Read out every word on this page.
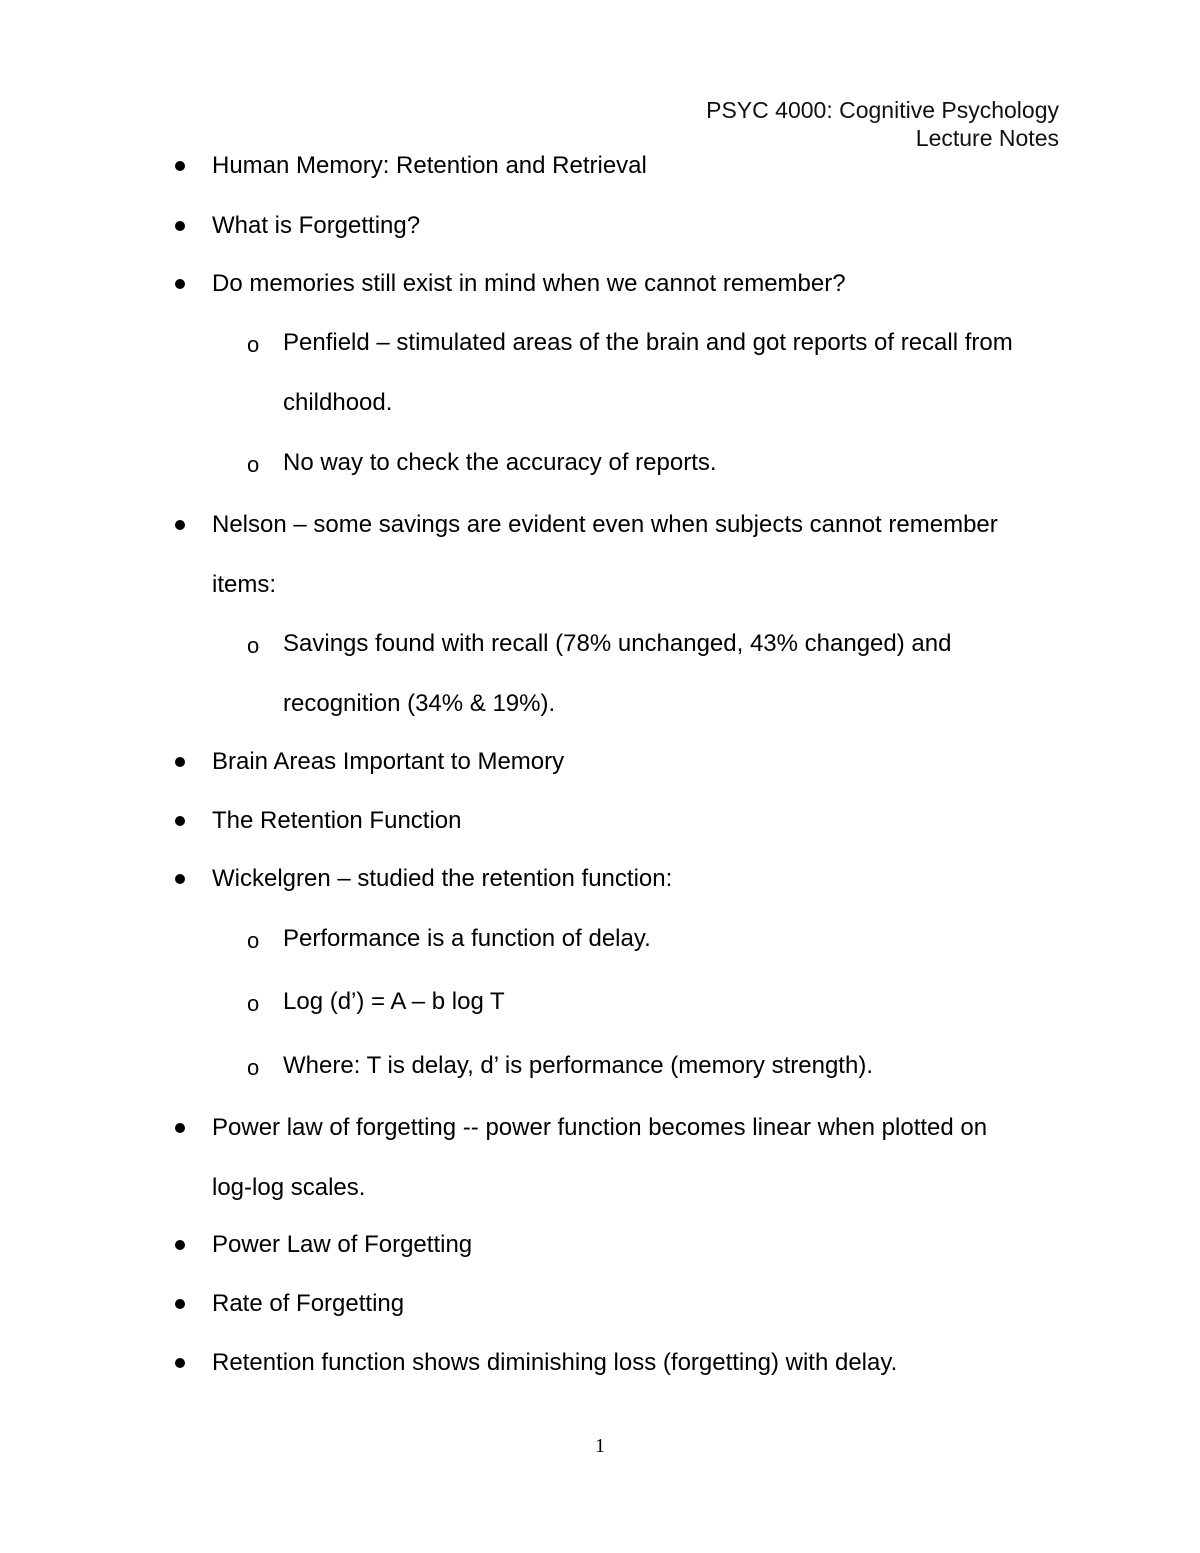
PSYC 4000: Cognitive Psychology
Lecture Notes
Human Memory: Retention and Retrieval
What is Forgetting?
Do memories still exist in mind when we cannot remember?
o Penfield – stimulated areas of the brain and got reports of recall from
childhood.
o No way to check the accuracy of reports.
Nelson – some savings are evident even when subjects cannot remember
items:
o Savings found with recall (78% unchanged, 43% changed) and
recognition (34% & 19%).
Brain Areas Important to Memory
The Retention Function
Wickelgren – studied the retention function:
o Performance is a function of delay.
o Log (d’) = A – b log T
o Where: T is delay, d’ is performance (memory strength).
Power law of forgetting -- power function becomes linear when plotted on
log-log scales.
Power Law of Forgetting
Rate of Forgetting
Retention function shows diminishing loss (forgetting) with delay.
1
